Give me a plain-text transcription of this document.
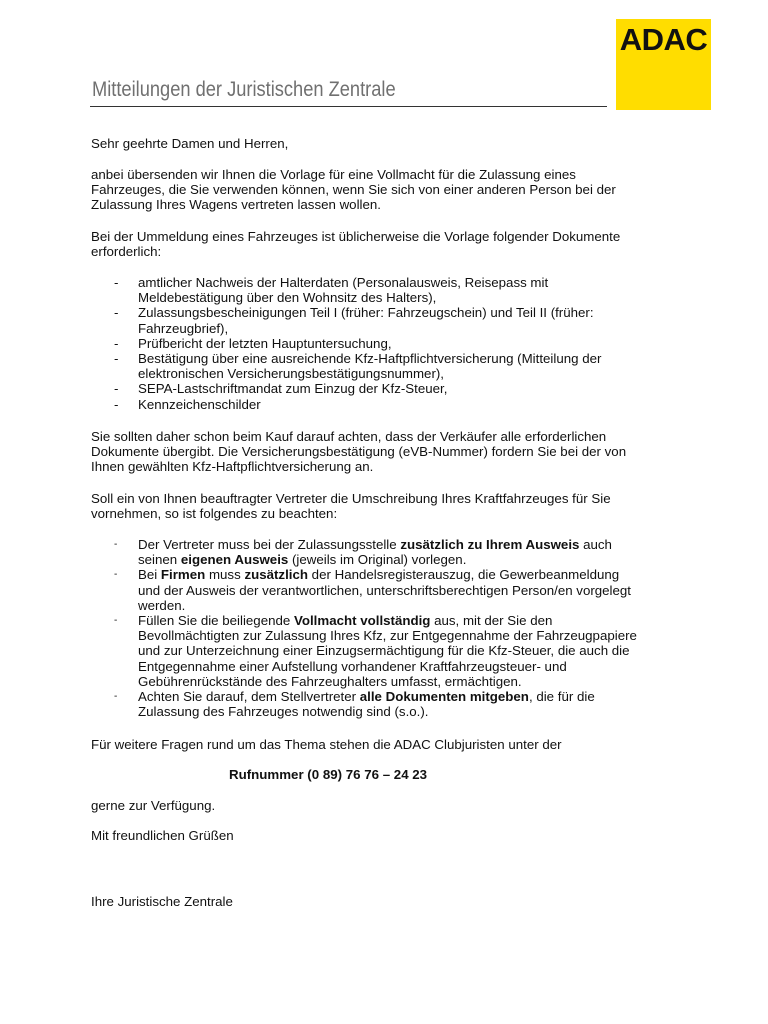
ADAC
Mitteilungen der Juristischen Zentrale

Sehr geehrte Damen und Herren,

anbei übersenden wir Ihnen die Vorlage für eine Vollmacht für die Zulassung eines
Fahrzeuges, die Sie verwenden können, wenn Sie sich von einer anderen Person bei der
Zulassung Ihres Wagens vertreten lassen wollen.
Bei der Ummeldung eines Fahrzeuges ist üblicherweise die Vorlage folgender Dokumente
erforderlich:
- amtlicher Nachweis der Halterdaten (Personalausweis, Reisepass mit
Meldebestätigung über den Wohnsitz des Halters),
- Zulassungsbescheinigungen Teil I (früher: Fahrzeugschein) und Teil II (früher:
Fahrzeugbrief),
- Prüfbericht der letzten Hauptuntersuchung,
- Bestätigung über eine ausreichende Kfz-Haftpflichtversicherung (Mitteilung der
elektronischen Versicherungsbestätigungsnummer),
- SEPA-Lastschriftmandat zum Einzug der Kfz-Steuer,
- Kennzeichenschilder
Sie sollten daher schon beim Kauf darauf achten, dass der Verkäufer alle erforderlichen
Dokumente übergibt. Die Versicherungsbestätigung (eVB-Nummer) fordern Sie bei der von
Ihnen gewählten Kfz-Haftpflichtversicherung an.
Soll ein von Ihnen beauftragter Vertreter die Umschreibung Ihres Kraftfahrzeuges für Sie
vornehmen, so ist folgendes zu beachten:
- Der Vertreter muss bei der Zulassungsstelle zusätzlich zu Ihrem Ausweis auch
seinen eigenen Ausweis (jeweils im Original) vorlegen.
- Bei Firmen muss zusätzlich der Handelsregisterauszug, die Gewerbeanmeldung
und der Ausweis der verantwortlichen, unterschriftsberechtigen Person/en vorgelegt
werden.
- Füllen Sie die beiliegende Vollmacht vollständig aus, mit der Sie den
Bevollmächtigten zur Zulassung Ihres Kfz, zur Entgegennahme der Fahrzeugpapiere
und zur Unterzeichnung einer Einzugsermächtigung für die Kfz-Steuer, die auch die
Entgegennahme einer Aufstellung vorhandener Kraftfahrzeugsteuer- und
Gebührenrückstände des Fahrzeughalters umfasst, ermächtigen.
- Achten Sie darauf, dem Stellvertreter alle Dokumenten mitgeben, die für die
Zulassung des Fahrzeuges notwendig sind (s.o.).

Für weitere Fragen rund um das Thema stehen die ADAC Clubjuristen unter der

Rufnummer (0 89) 76 76 – 24 23

gerne zur Verfügung.

Mit freundlichen Grüßen

Ihre Juristische Zentrale
